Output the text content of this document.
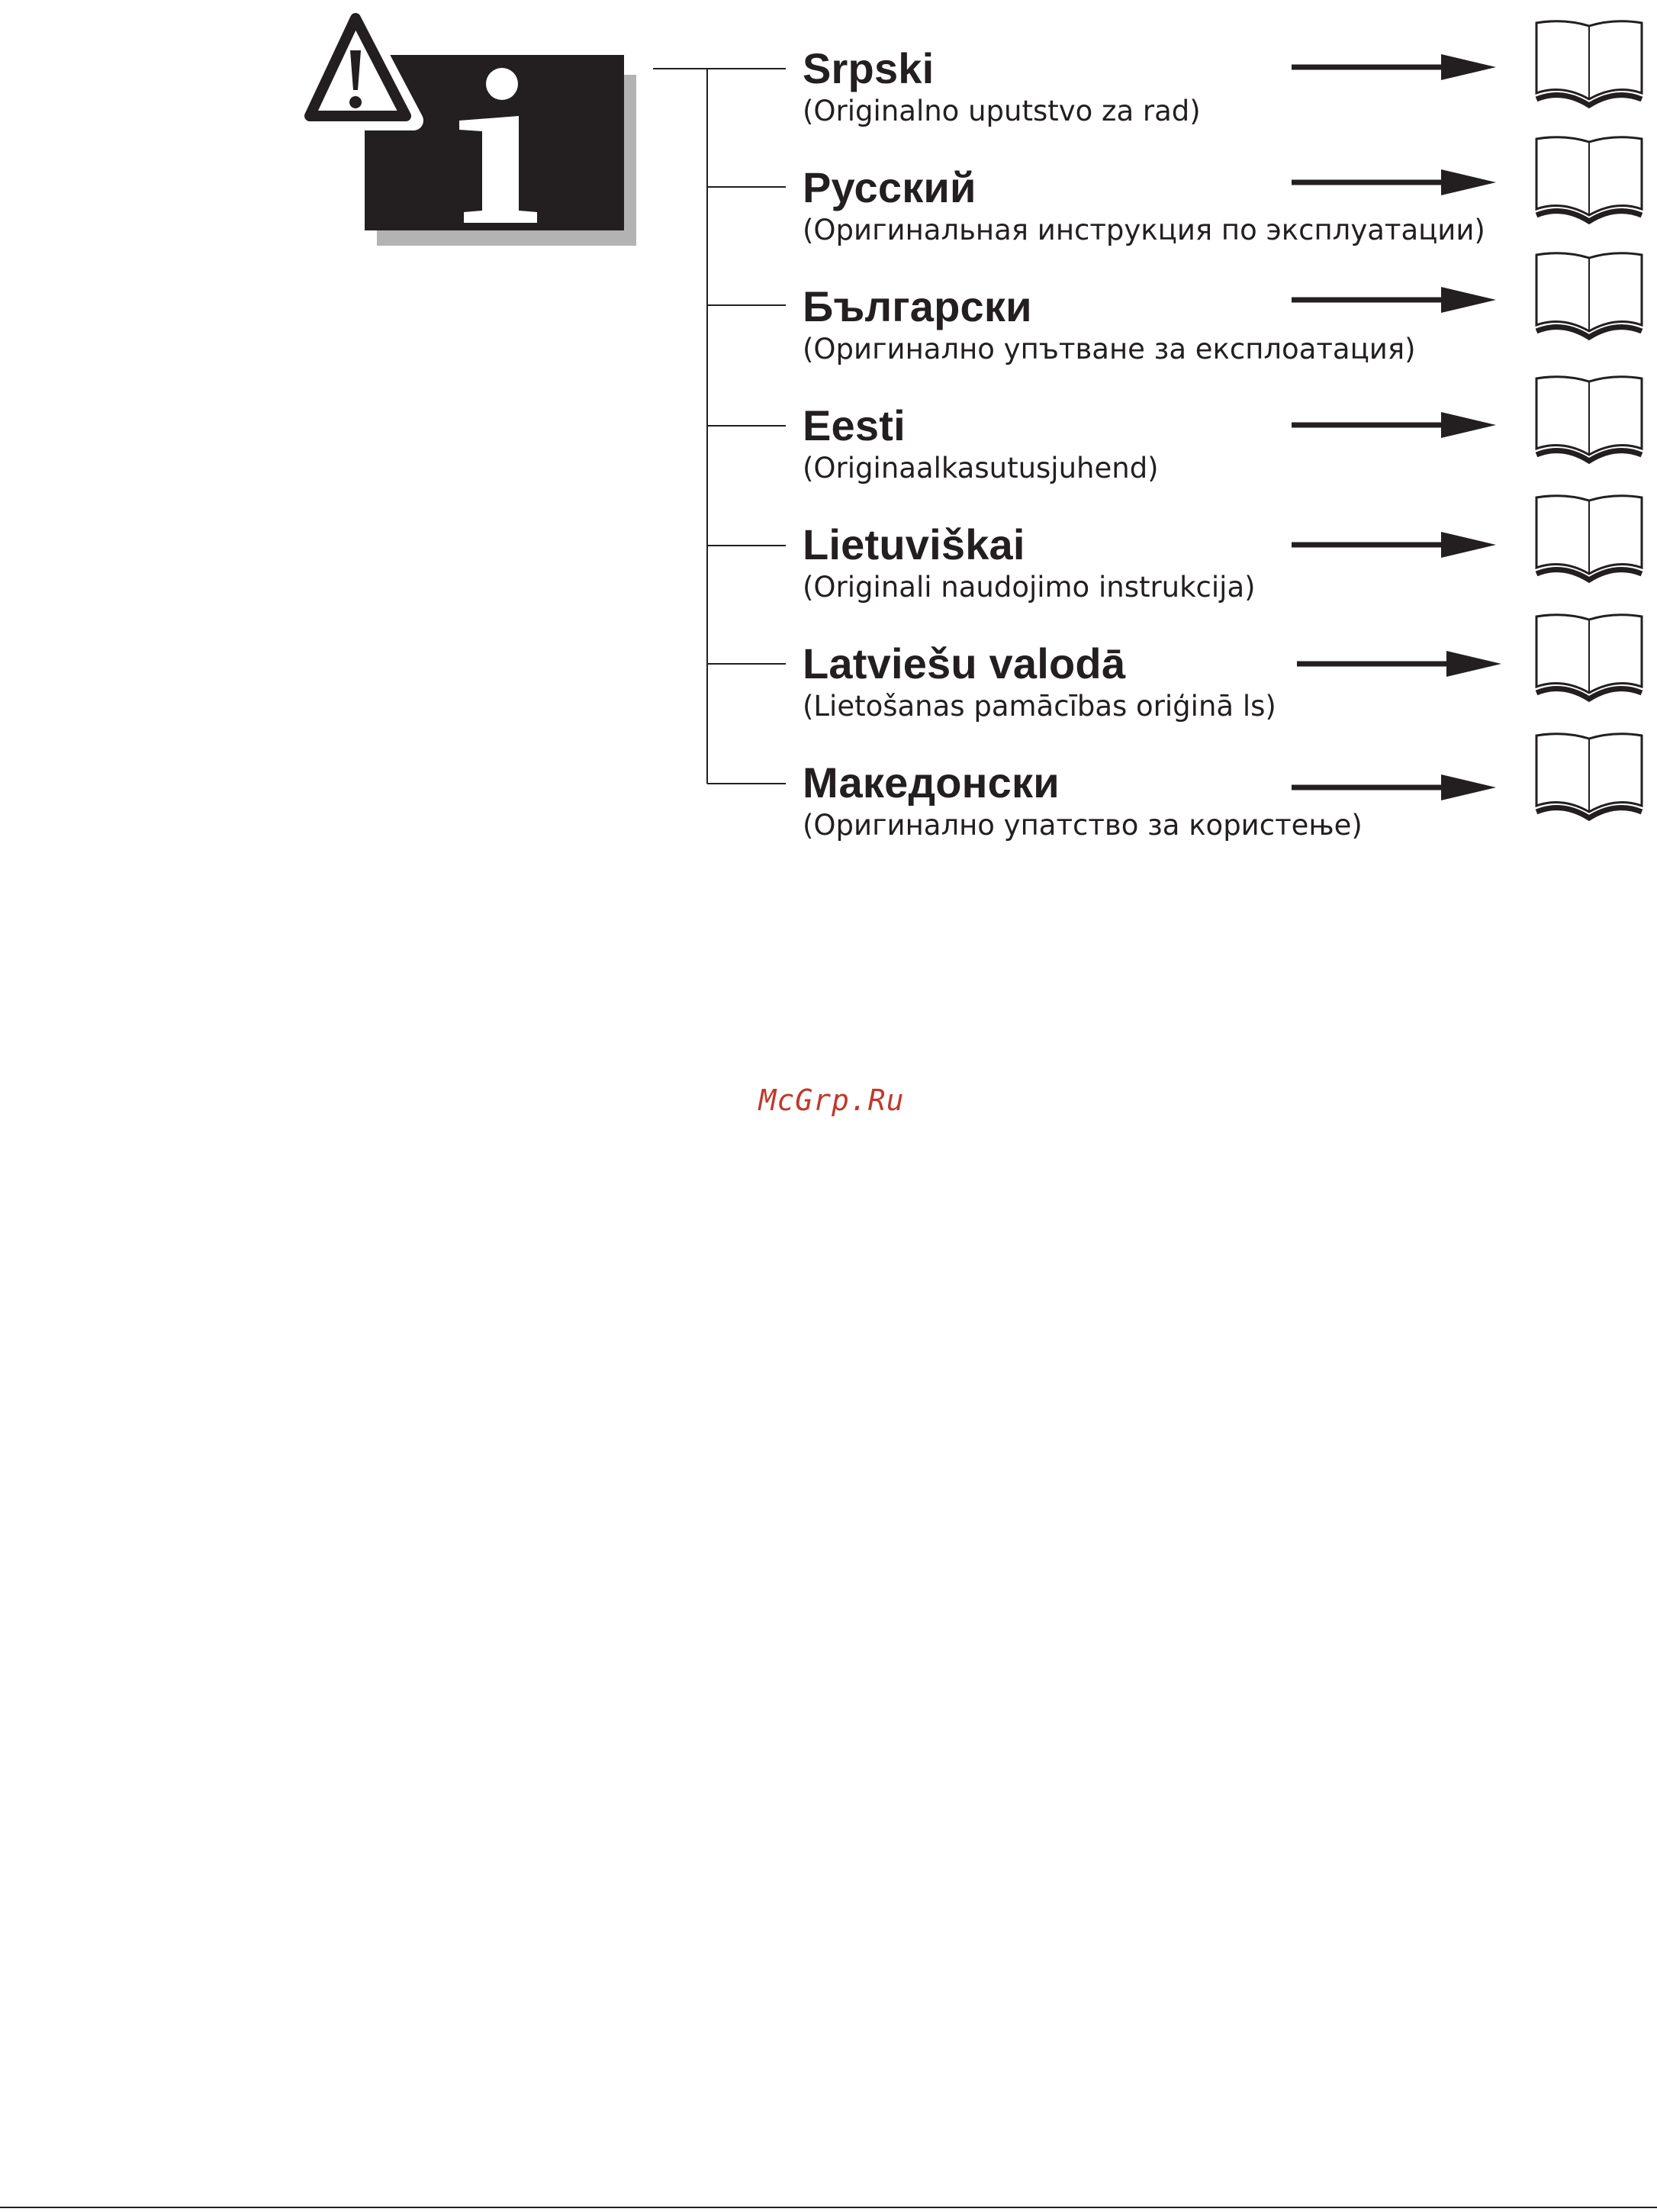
Srpski
(Originalno uputstvo za rad)
Русский
(Оригинальная инструкция по эксплуатации)
Български
(Оригинално упътване за експлоатация)
Eesti
(Originaalkasutusjuhend)
Lietuviškai
(Originali naudojimo instrukcija)
Latviešu valodā
(Lietošanas pamācības oriģinā ls)
Македонски
(Оригинално упатство за користење)
McGrp.Ru
